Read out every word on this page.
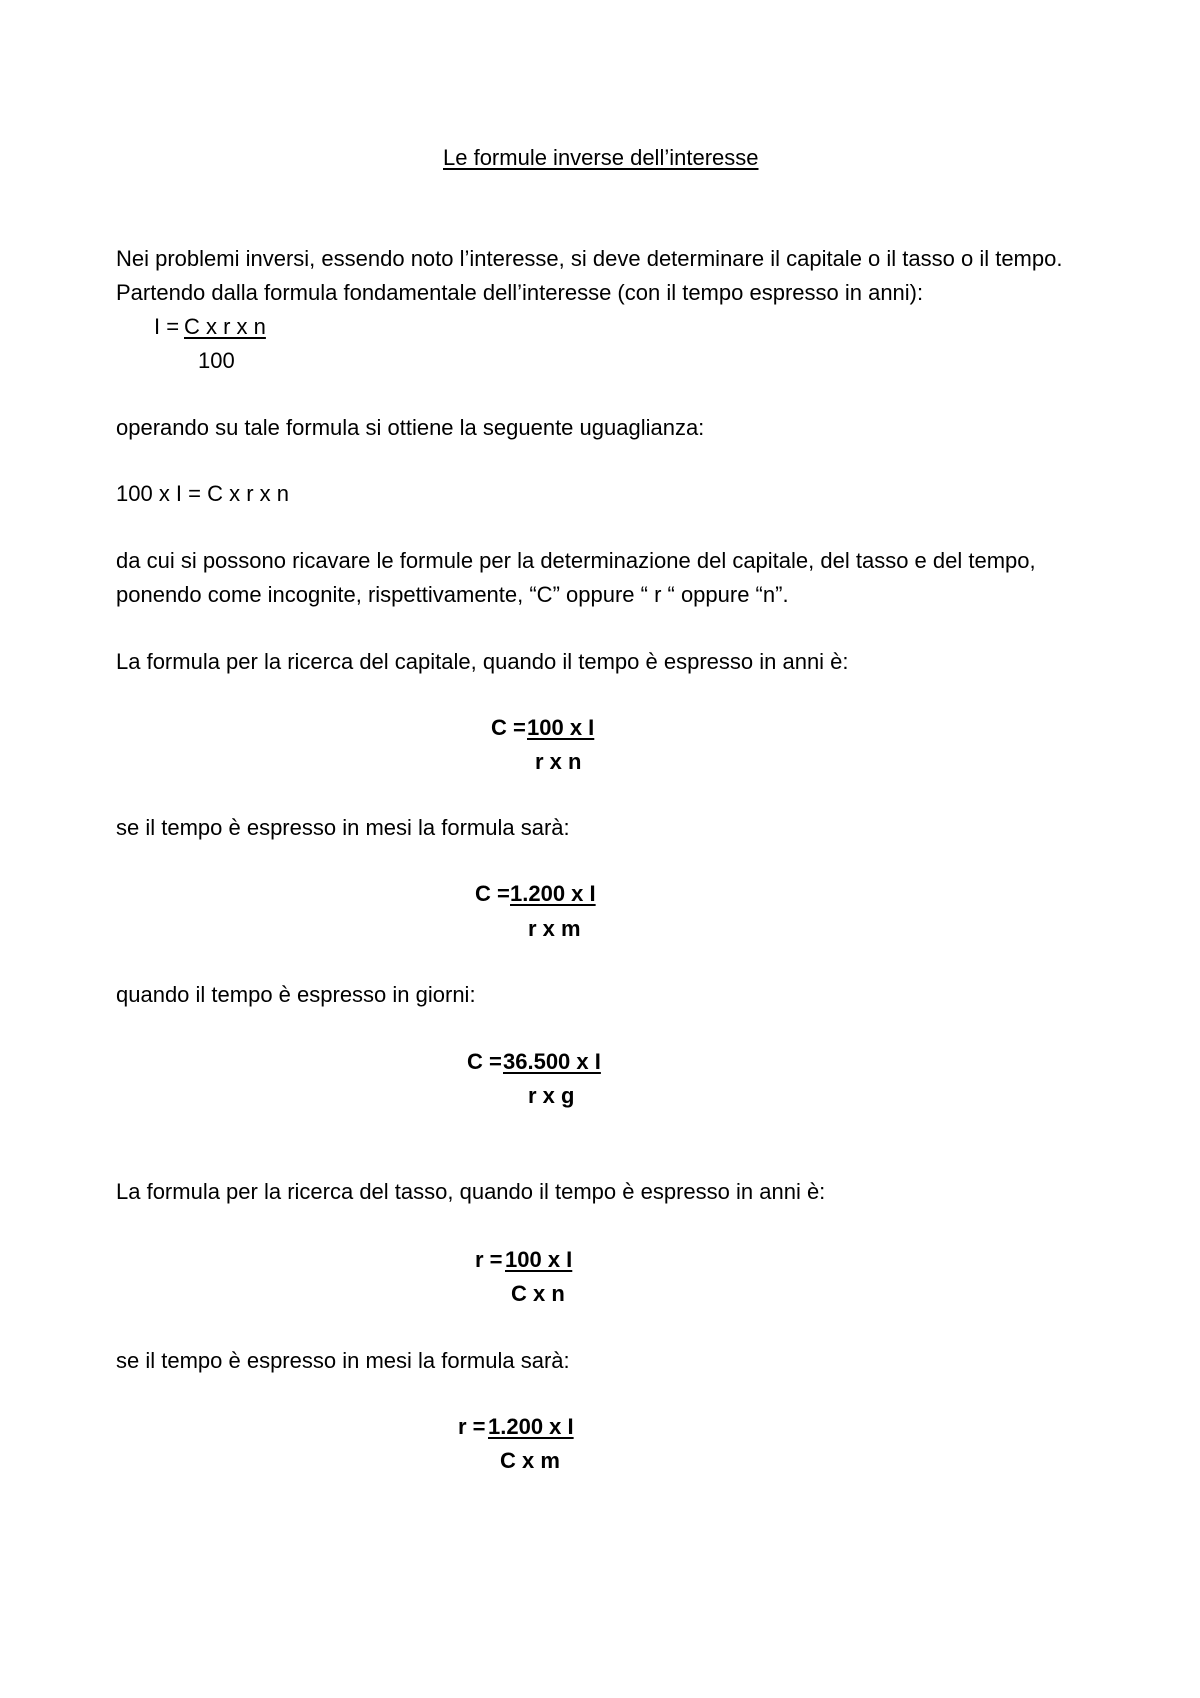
Le formule inverse dell’interesse
Nei problemi inversi, essendo noto l’interesse, si deve determinare il capitale o il tasso o il tempo.
Partendo dalla formula fondamentale dell’interesse (con il tempo espresso in anni):
I =
C x r x n
100
operando su tale formula si ottiene la seguente uguaglianza:
100 x I = C x r x n
da cui si possono ricavare le formule per la determinazione del capitale, del tasso e del tempo,
ponendo come incognite, rispettivamente, “C” oppure “ r “ oppure “n”.
La formula per la ricerca del capitale, quando il tempo è espresso in anni è:
C =
100 x I
r x n
se il tempo è espresso in mesi la formula sarà:
C =
1.200 x I
r x m
quando il tempo è espresso in giorni:
C =
36.500 x I
r x g
La formula per la ricerca del tasso, quando il tempo è espresso in anni è:
r =
100 x I
C x n
se il tempo è espresso in mesi la formula sarà:
r =
1.200 x I
C x m
